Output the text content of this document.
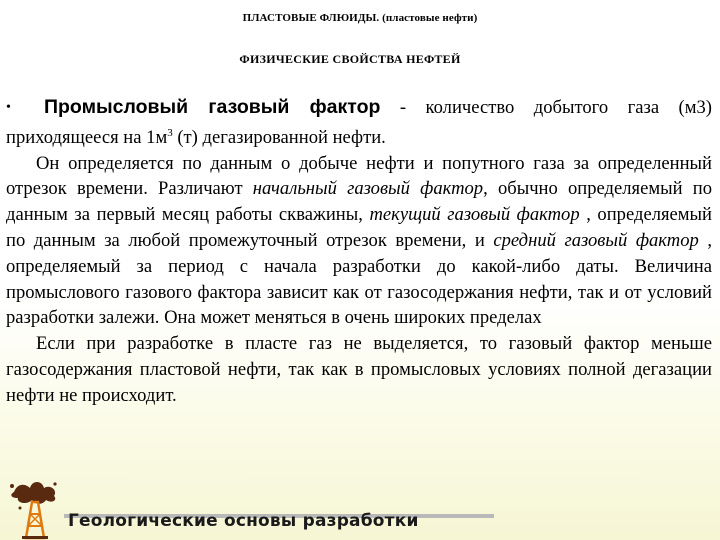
ПЛАСТОВЫЕ ФЛЮИДЫ. (пластовые нефти)
ФИЗИЧЕСКИЕ СВОЙСТВА НЕФТЕЙ

• Промысловый газовый фактор - количество добытого газа (м3) приходящееся на $1м^3$ (т) дегазированной нефти.

Он определяется по данным о добыче нефти и попутного газа за определенный отрезок времени. Различают начальный газовый фактор, обычно определяемый по данным за первый месяц работы скважины, текущий газовый фактор , определяемый по данным за любой промежуточный отрезок времени, и средний газовый фактор , определяемый за период с начала разработки до какой-либо даты. Величина промыслового газового фактора зависит как от газосодержания нефти, так и от условий разработки залежи. Она может меняться в очень широких пределах

Если при разработке в пласте газ не выделяется, то газовый фактор меньше газосодержания пластовой нефти, так как в промысловых условиях полной дегазации нефти не происходит.

Геологические основы разработки
